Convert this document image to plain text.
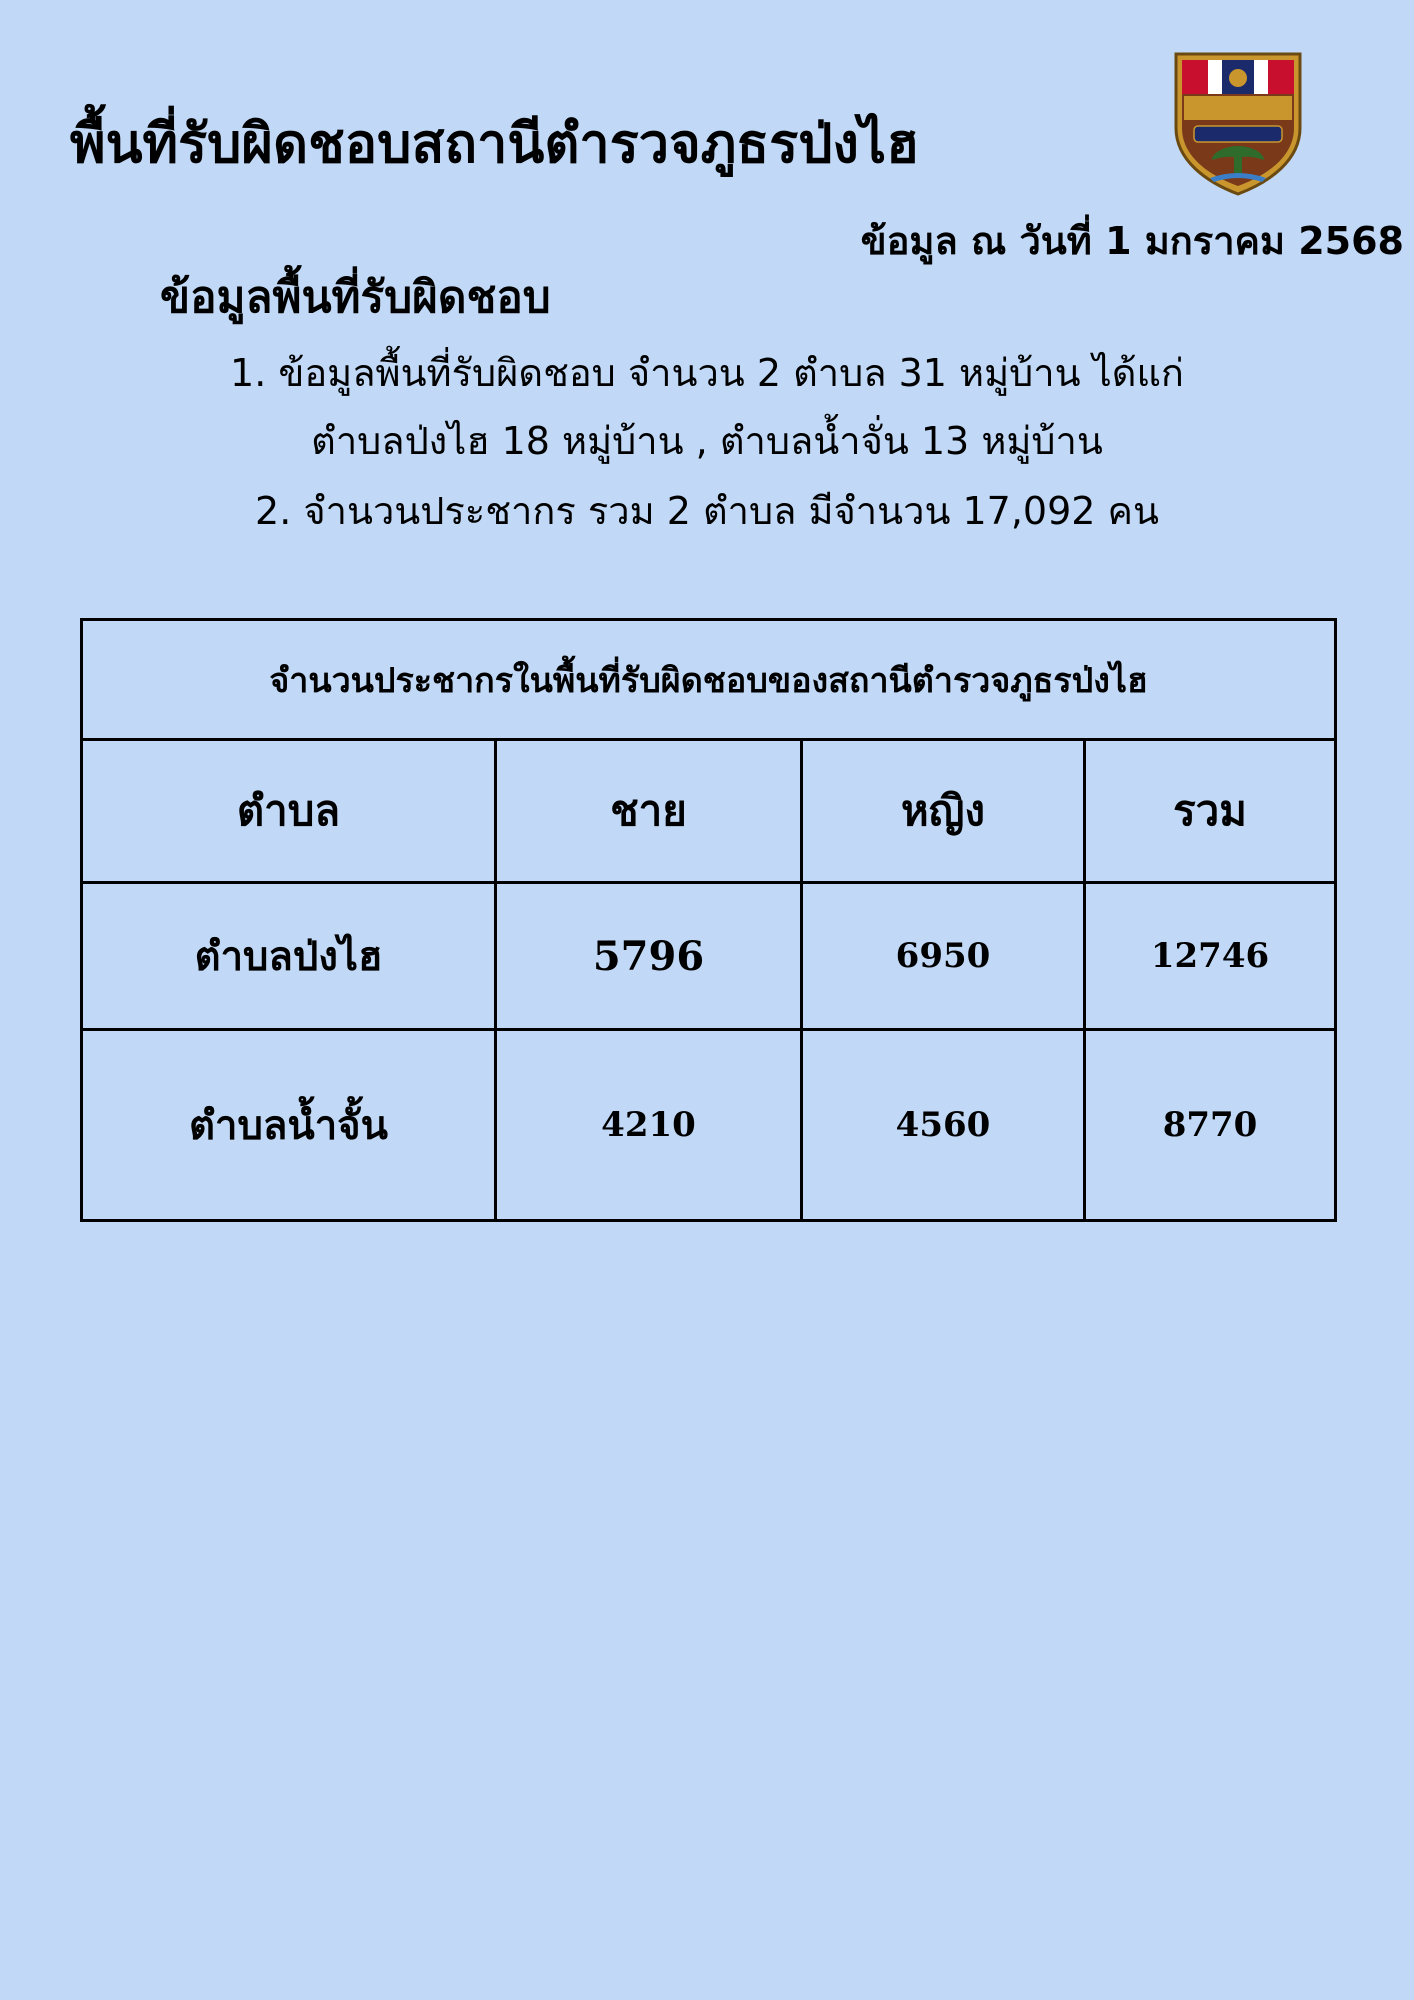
พื้นที่รับผิดชอบสถานีตำรวจภูธรป่งไฮ
ข้อมูล ณ วันที่ 1 มกราคม 2568
ข้อมูลพื้นที่รับผิดชอบ
1. ข้อมูลพื้นที่รับผิดชอบ จำนวน 2 ตำบล 31 หมู่บ้าน ได้แก่
ตำบลป่งไฮ 18 หมู่บ้าน , ตำบลน้ำจั่น 13 หมู่บ้าน
2. จำนวนประชากร รวม 2 ตำบล มีจำนวน 17,092 คน
จำนวนประชากรในพื้นที่รับผิดชอบของสถานีตำรวจภูธรป่งไฮ			
ตำบล	ชาย	หญิง	รวม
ตำบลป่งไฮ	5796	6950	12746
ตำบลน้ำจั้น	4210	4560	8770
